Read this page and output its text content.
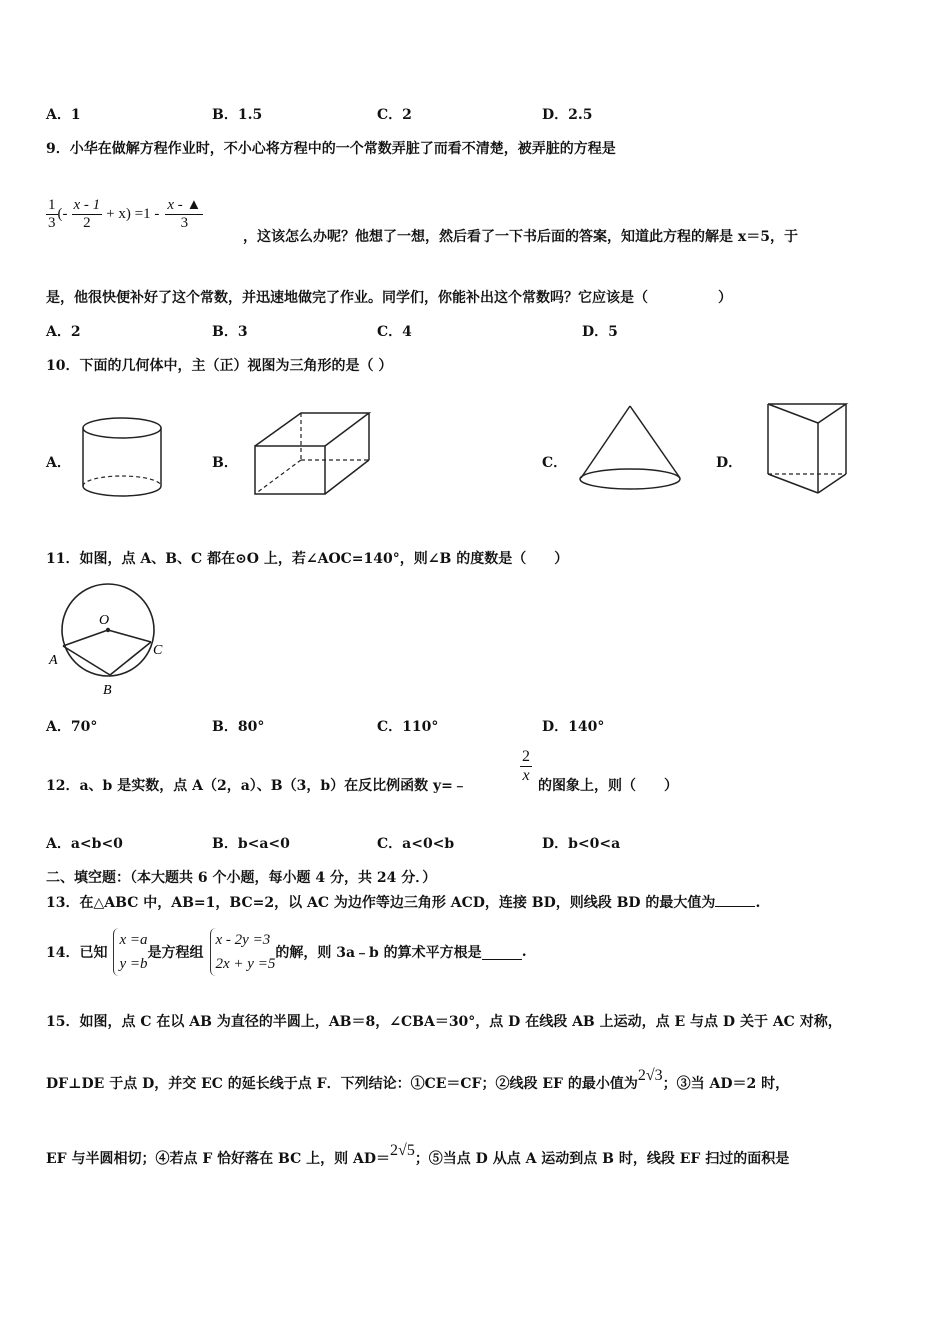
A．1	B．1.5	C．2	D．2.5
9．小华在做解方程作业时，不小心将方程中的一个常数弄脏了而看不清楚，被弄脏的方程是
$\frac{1}{3}$ (- $\frac{x - 1}{2} + x) =1 - \frac{x - ▲}{3}$
，这该怎么办呢？他想了一想，然后看了一下书后面的答案，知道此方程的解是 x＝5，于
是，他很快便补好了这个常数，并迅速地做完了作业。同学们，你能补出这个常数吗？它应该是（　　　　　）
A．2	B．3	C．4	D．5
10．下面的几何体中，主（正）视图为三角形的是（ ）
A．	B．	C．	D．
11．如图，点 A、B、C 都在⊙O 上，若∠AOC=140°，则∠B 的度数是（　　）
O
A
B
C
A．70°	B．80°	C．110°	D．140°
12．a、b 是实数，点 A（2，a）、B（3，b）在反比例函数 y=﹣
$\frac{2}{x}$
的图象上，则（　　）
A．a<b<0	B．b<a<0	C．a<0<b	D．b<0<a
二、填空题：（本大题共 6 个小题，每小题 4 分，共 24 分．）
13．在△ABC 中，AB=1，BC=2，以 AC 为边作等边三角形 ACD，连接 BD，则线段 BD 的最大值为	.
14．已知
x =a
y =b
是方程组
x - 2y =3
2x + y =5
的解，则 3a﹣b 的算术平方根是	.
15．如图，点 C 在以 AB 为直径的半圆上，AB＝8，∠CBA＝30°，点 D 在线段 AB 上运动，点 E 与点 D 关于 AC 对称，
DF⊥DE 于点 D，并交 EC 的延长线于点 F．下列结论：①CE＝CF；②线段 EF 的最小值为2√3；③当 AD＝2 时，
EF 与半圆相切；④若点 F 恰好落在 BC 上，则 AD＝2√5；⑤当点 D 从点 A 运动到点 B 时，线段 EF 扫过的面积是
